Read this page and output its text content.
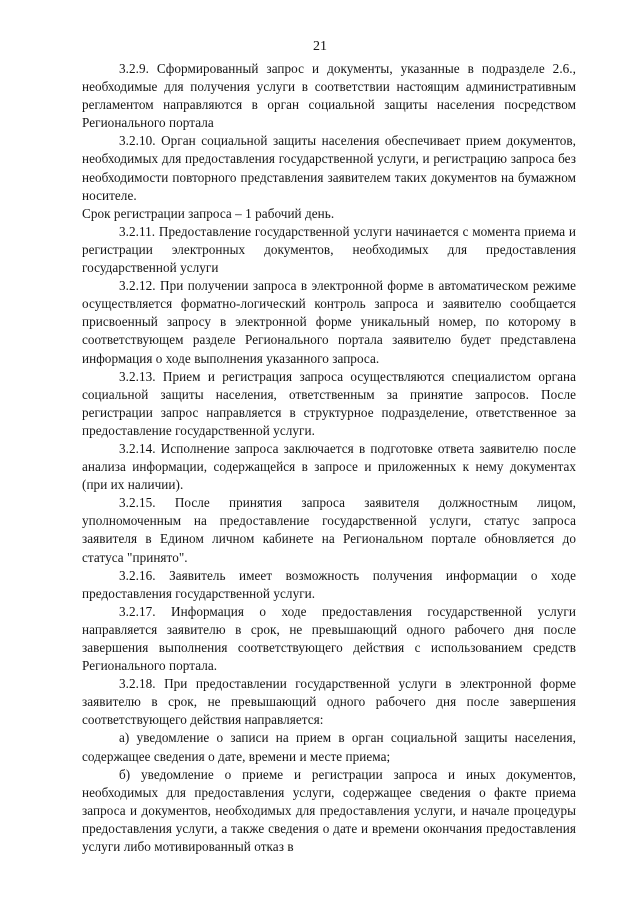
21

3.2.9. Сформированный запрос и документы, указанные в подразделе 2.6., необходимые для получения услуги в соответствии настоящим административным регламентом направляются в орган социальной защиты населения посредством Регионального портала

3.2.10. Орган социальной защиты населения обеспечивает прием документов, необходимых для предоставления государственной услуги, и регистрацию запроса без необходимости повторного представления заявителем таких документов на бумажном носителе.

Срок регистрации запроса – 1 рабочий день.

3.2.11. Предоставление государственной услуги начинается с момента приема и регистрации электронных документов, необходимых для предоставления государственной услуги

3.2.12. При получении запроса в электронной форме в автоматическом режиме осуществляется форматно-логический контроль запроса и заявителю сообщается присвоенный запросу в электронной форме уникальный номер, по которому в соответствующем разделе Регионального портала заявителю будет представлена информация о ходе выполнения указанного запроса.

3.2.13. Прием и регистрация запроса осуществляются специалистом органа социальной защиты населения, ответственным за принятие запросов. После регистрации запрос направляется в структурное подразделение, ответственное за предоставление государственной услуги.

3.2.14. Исполнение запроса заключается в подготовке ответа заявителю после анализа информации, содержащейся в запросе и приложенных к нему документах (при их наличии).

3.2.15. После принятия запроса заявителя должностным лицом, уполномоченным на предоставление государственной услуги, статус запроса заявителя в Едином личном кабинете на Региональном портале обновляется до статуса "принято".

3.2.16. Заявитель имеет возможность получения информации о ходе предоставления государственной услуги.

3.2.17. Информация о ходе предоставления государственной услуги направляется заявителю в срок, не превышающий одного рабочего дня после завершения выполнения соответствующего действия с использованием средств Регионального портала.

3.2.18. При предоставлении государственной услуги в электронной форме заявителю в срок, не превышающий одного рабочего дня после завершения соответствующего действия направляется:

а) уведомление о записи на прием в орган социальной защиты населения, содержащее сведения о дате, времени и месте приема;

б) уведомление о приеме и регистрации запроса и иных документов, необходимых для предоставления услуги, содержащее сведения о факте приема запроса и документов, необходимых для предоставления услуги, и начале процедуры предоставления услуги, а также сведения о дате и времени окончания предоставления услуги либо мотивированный отказ в
